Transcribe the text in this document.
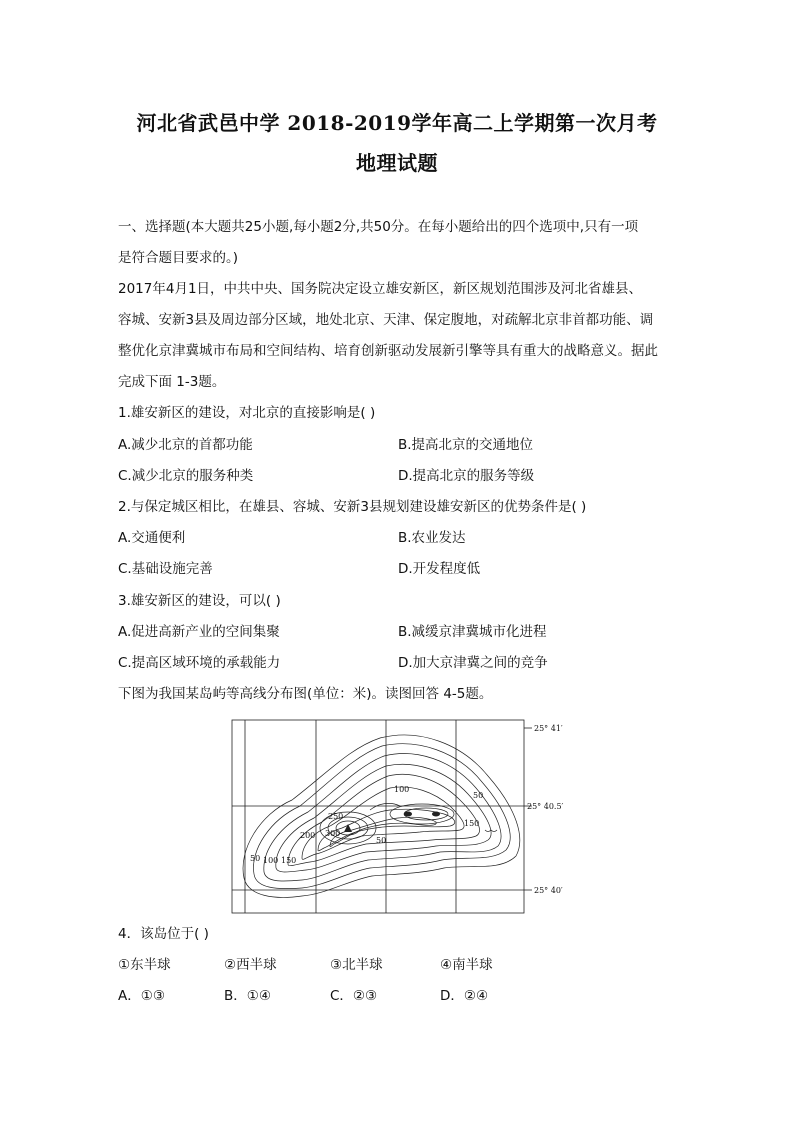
河北省武邑中学 2018-2019学年高二上学期第一次月考
地理试题
一、选择题(本大题共25小题,每小题2分,共50分。在每小题给出的四个选项中,只有一项
是符合题目要求的。)
2017年4月1日，中共中央、国务院决定设立雄安新区，新区规划范围涉及河北省雄县、
容城、安新3县及周边部分区域，地处北京、天津、保定腹地，对疏解北京非首都功能、调
整优化京津冀城市布局和空间结构、培育创新驱动发展新引擎等具有重大的战略意义。据此
完成下面 1-3题。
1.雄安新区的建设，对北京的直接影响是( )
A.减少北京的首都功能	B.提高北京的交通地位
C.减少北京的服务种类	D.提高北京的服务等级
2.与保定城区相比，在雄县、容城、安新3县规划建设雄安新区的优势条件是( )
A.交通便利	B.农业发达
C.基础设施完善	D.开发程度低
3.雄安新区的建设，可以( )
A.促进高新产业的空间集聚	B.减缓京津冀城市化进程
C.提高区域环境的承载能力	D.加大京津冀之间的竞争
下图为我国某岛屿等高线分布图(单位：米)。读图回答 4-5题。
100
50
250
300
200
150
50
50 100 150
25° 41′
25° 40.5′
25° 40′
4．该岛位于( )
①东半球	②西半球	③北半球	④南半球
A．①③	B．①④	C．②③	D．②④
